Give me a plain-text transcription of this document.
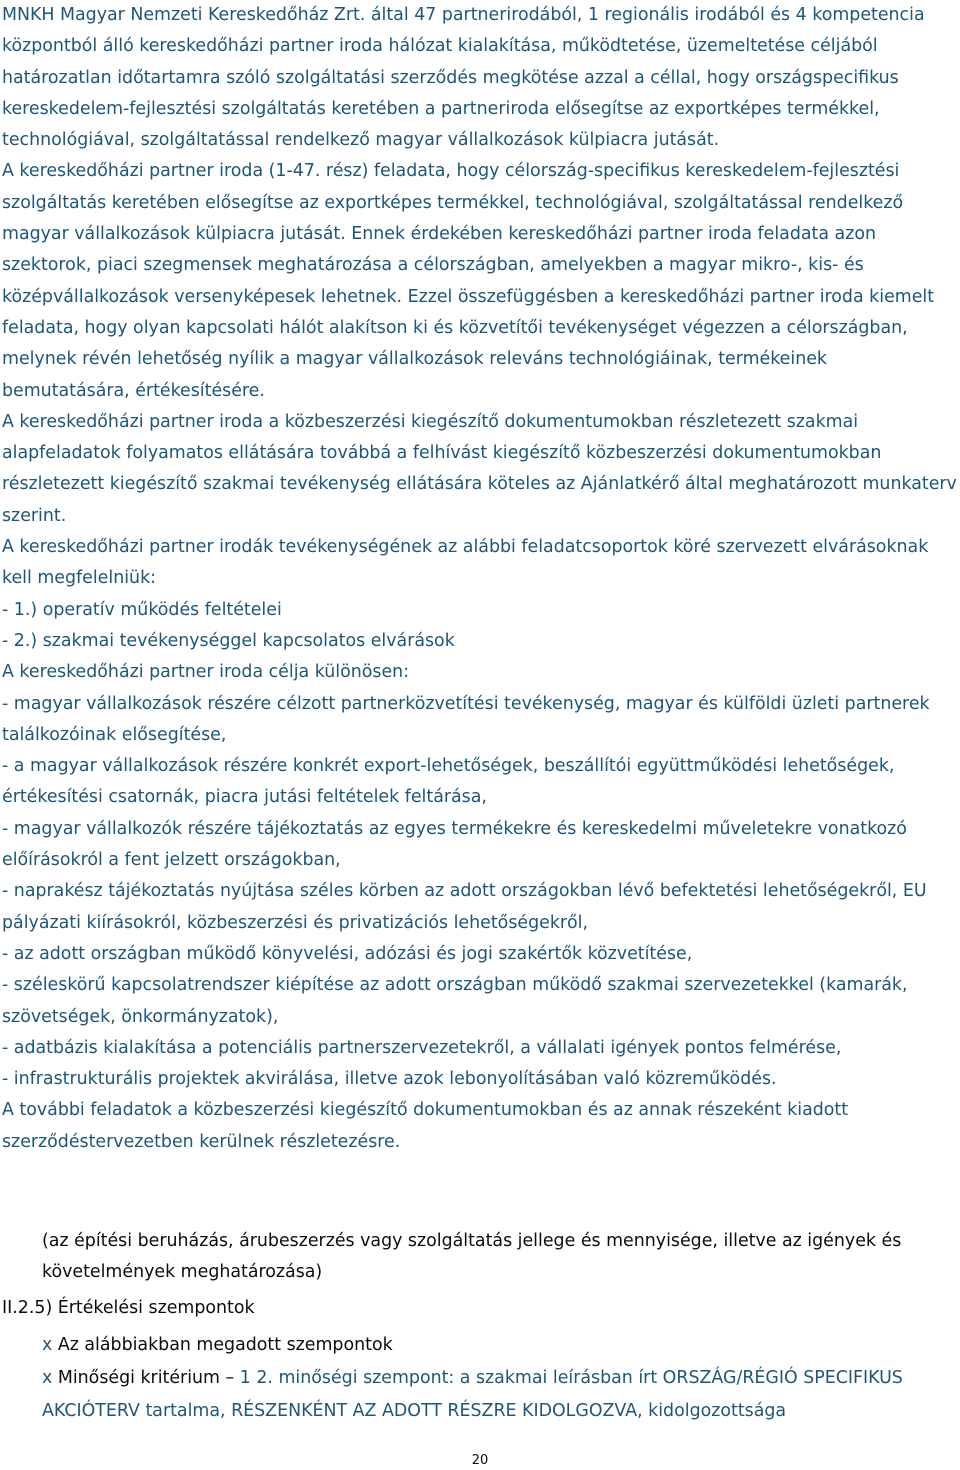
MNKH Magyar Nemzeti Kereskedőház Zrt. által 47 partnerirodából, 1 regionális irodából és 4 kompetencia központból álló kereskedőházi partner iroda hálózat kialakítása, működtetése, üzemeltetése céljából határozatlan időtartamra szóló szolgáltatási szerződés megkötése azzal a céllal, hogy országspecifikus kereskedelem-fejlesztési szolgáltatás keretében a partneriroda elősegítse az exportképes termékkel, technológiával, szolgáltatással rendelkező magyar vállalkozások külpiacra jutását.

A kereskedőházi partner iroda (1-47. rész) feladata, hogy célország-specifikus kereskedelem-fejlesztési szolgáltatás keretében elősegítse az exportképes termékkel, technológiával, szolgáltatással rendelkező magyar vállalkozások külpiacra jutását. Ennek érdekében kereskedőházi partner iroda feladata azon szektorok, piaci szegmensek meghatározása a célországban, amelyekben a magyar mikro-, kis- és középvállalkozások versenyképesek lehetnek. Ezzel összefüggésben a kereskedőházi partner iroda kiemelt feladata, hogy olyan kapcsolati hálót alakítson ki és közvetítői tevékenységet végezzen a célországban, melynek révén lehetőség nyílik a magyar vállalkozások releváns technológiáinak, termékeinek bemutatására, értékesítésére.

A kereskedőházi partner iroda a közbeszerzési kiegészítő dokumentumokban részletezett szakmai alapfeladatok folyamatos ellátására továbbá a felhívást kiegészítő közbeszerzési dokumentumokban részletezett kiegészítő szakmai tevékenység ellátására köteles az Ajánlatkérő által meghatározott munkaterv szerint.

A kereskedőházi partner irodák tevékenységének az alábbi feladatcsoportok köré szervezett elvárásoknak kell megfelelniük:

- 1.) operatív működés feltételei

- 2.) szakmai tevékenységgel kapcsolatos elvárások

A kereskedőházi partner iroda célja különösen:

- magyar vállalkozások részére célzott partnerközvetítési tevékenység, magyar és külföldi üzleti partnerek találkozóinak elősegítése,

- a magyar vállalkozások részére konkrét export-lehetőségek, beszállítói együttműködési lehetőségek, értékesítési csatornák, piacra jutási feltételek feltárása,

- magyar vállalkozók részére tájékoztatás az egyes termékekre és kereskedelmi műveletekre vonatkozó előírásokról a fent jelzett országokban,

- naprakész tájékoztatás nyújtása széles körben az adott országokban lévő befektetési lehetőségekről, EU pályázati kiírásokról, közbeszerzési és privatizációs lehetőségekről,

- az adott országban működő könyvelési, adózási és jogi szakértők közvetítése,

- széleskörű kapcsolatrendszer kiépítése az adott országban működő szakmai szervezetekkel (kamarák, szövetségek, önkormányzatok),

- adatbázis kialakítása a potenciális partnerszervezetekről, a vállalati igények pontos felmérése,

- infrastrukturális projektek akvirálása, illetve azok lebonyolításában való közreműködés.

A további feladatok a közbeszerzési kiegészítő dokumentumokban és az annak részeként kiadott szerződéstervezetben kerülnek részletezésre.

(az építési beruházás, árubeszerzés vagy szolgáltatás jellege és mennyisége, illetve az igények és követelmények meghatározása)
II.2.5) Értékelési szempontok

x Az alábbiakban megadott szempontok

x Minőségi kritérium – 1 2. minőségi szempont: a szakmai leírásban írt ORSZÁG/RÉGIÓ SPECIFIKUS AKCIÓTERV tartalma, RÉSZENKÉNT AZ ADOTT RÉSZRE KIDOLGOZVA, kidolgozottsága

20
